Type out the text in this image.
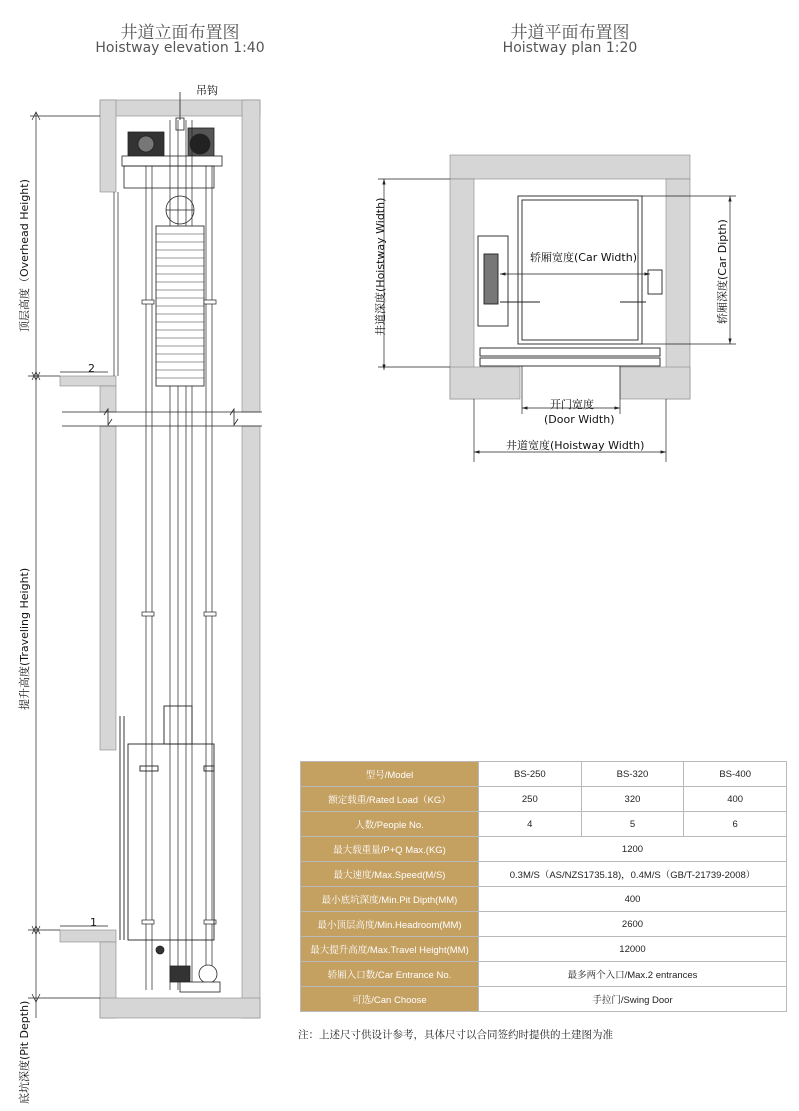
井道立面布置图
Hoistway elevation 1:40
井道平面布置图
Hoistway plan 1:20
吊钩
顶层高度（Overhead Height)
提升高度(Traveling Height)
底坑深度(Pit Depth)
2
1
轿厢宽度(Car Width)
井道深度(Hoistway Width)	轿厢深度(Car Dipth)
开门宽度
(Door Width)
井道宽度(Hoistway Width)
型号/Model	BS-250	BS-320	BS-400
额定载重/Rated Load（KG）	250	320	400
人数/People No.	4	5	6
最大载重量/P+Q Max.(KG)	1200		
最大速度/Max.Speed(M/S)	0.3M/S（AS/NZS1735.18)，0.4M/S（GB/T-21739-2008）		
最小底坑深度/Min.Pit Dipth(MM)	400		
最小顶层高度/Min.Headroom(MM)	2600		
最大提升高度/Max.Travel Height(MM)	12000		
轿厢入口数/Car Entrance No.	最多两个入口/Max.2 entrances		
可选/Can Choose	手拉门/Swing Door		
注：上述尺寸供设计参考，具体尺寸以合同签约时提供的土建图为准
